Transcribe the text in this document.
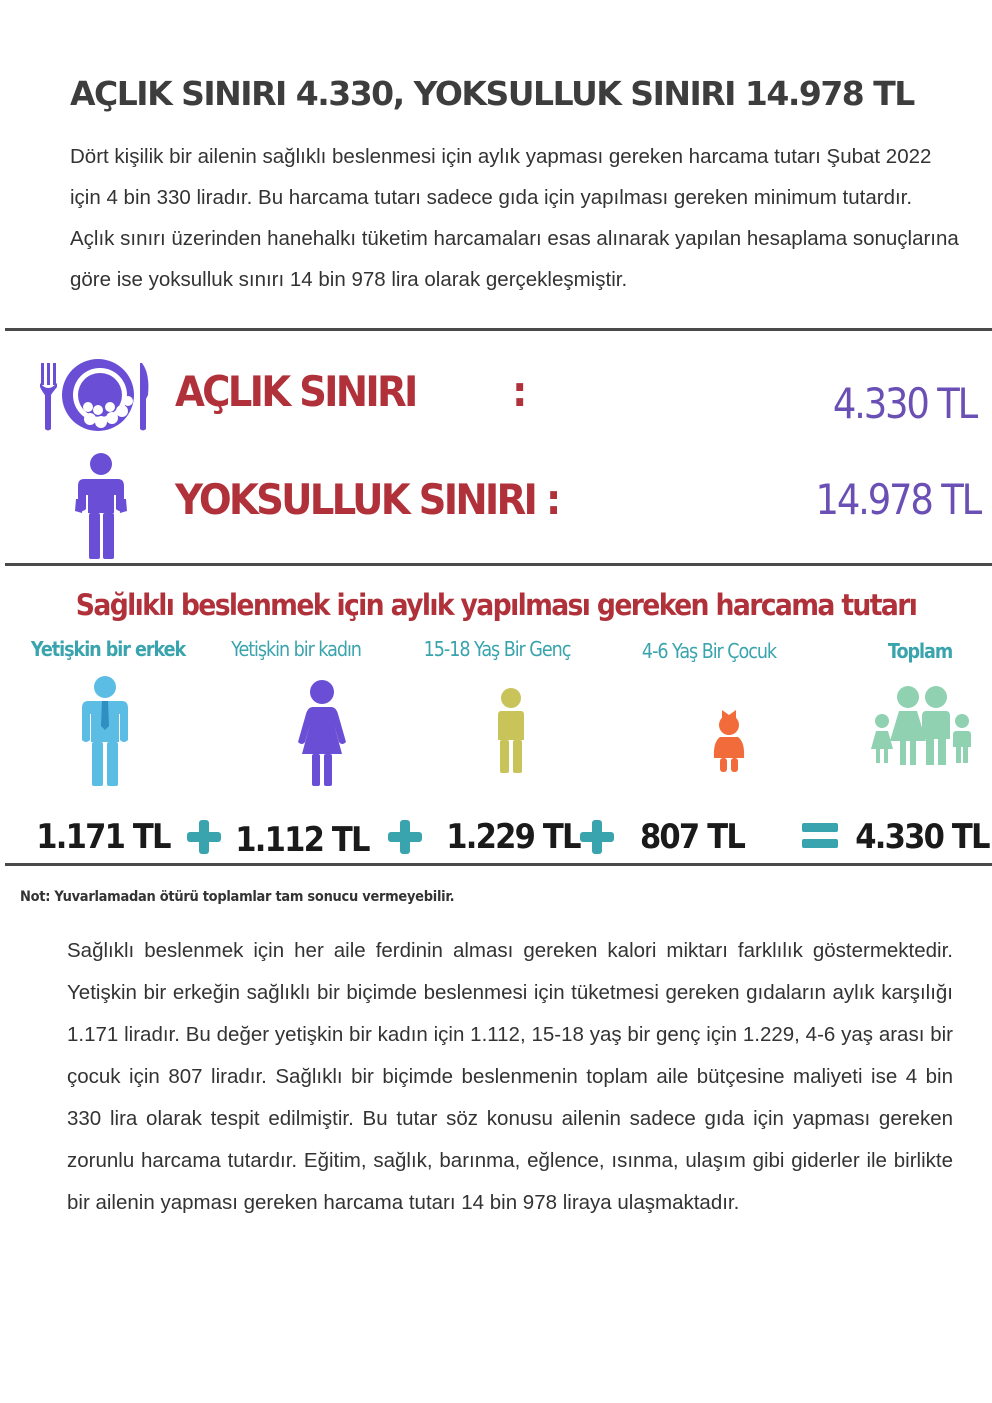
AÇLIK SINIRI 4.330, YOKSULLUK SINIRI 14.978 TL

Dört kişilik bir ailenin sağlıklı beslenmesi için aylık yapması gereken harcama tutarı Şubat 2022 için 4 bin 330 liradır. Bu harcama tutarı sadece gıda için yapılması gereken minimum tutardır. Açlık sınırı üzerinden hanehalkı tüketim harcamaları esas alınarak yapılan hesaplama sonuçlarına göre ise yoksulluk sınırı 14 bin 978 lira olarak gerçekleşmiştir.

AÇLIK SINIRI :	4.330 TL
YOKSULLUK SINIRI :	14.978 TL
Sağlıklı beslenmek için aylık yapılması gereken harcama tutarı
Yetişkin bir erkek	Yetişkin bir kadın	15-18 Yaş Bir Genç	4-6 Yaş Bir Çocuk	Toplam
1.171 TL	1.112 TL	1.229 TL	807 TL	4.330 TL
Not: Yuvarlamadan ötürü toplamlar tam sonucu vermeyebilir.

Sağlıklı beslenmek için her aile ferdinin alması gereken kalori miktarı farklılık göstermektedir. Yetişkin bir erkeğin sağlıklı bir biçimde beslenmesi için tüketmesi gereken gıdaların aylık karşılığı 1.171 liradır. Bu değer yetişkin bir kadın için 1.112, 15-18 yaş bir genç için 1.229, 4-6 yaş arası bir çocuk için 807 liradır. Sağlıklı bir biçimde beslenmenin toplam aile bütçesine maliyeti ise 4 bin 330 lira olarak tespit edilmiştir. Bu tutar söz konusu ailenin sadece gıda için yapması gereken zorunlu harcama tutardır. Eğitim, sağlık, barınma, eğlence, ısınma, ulaşım gibi giderler ile birlikte bir ailenin yapması gereken harcama tutarı 14 bin 978 liraya ulaşmaktadır.
